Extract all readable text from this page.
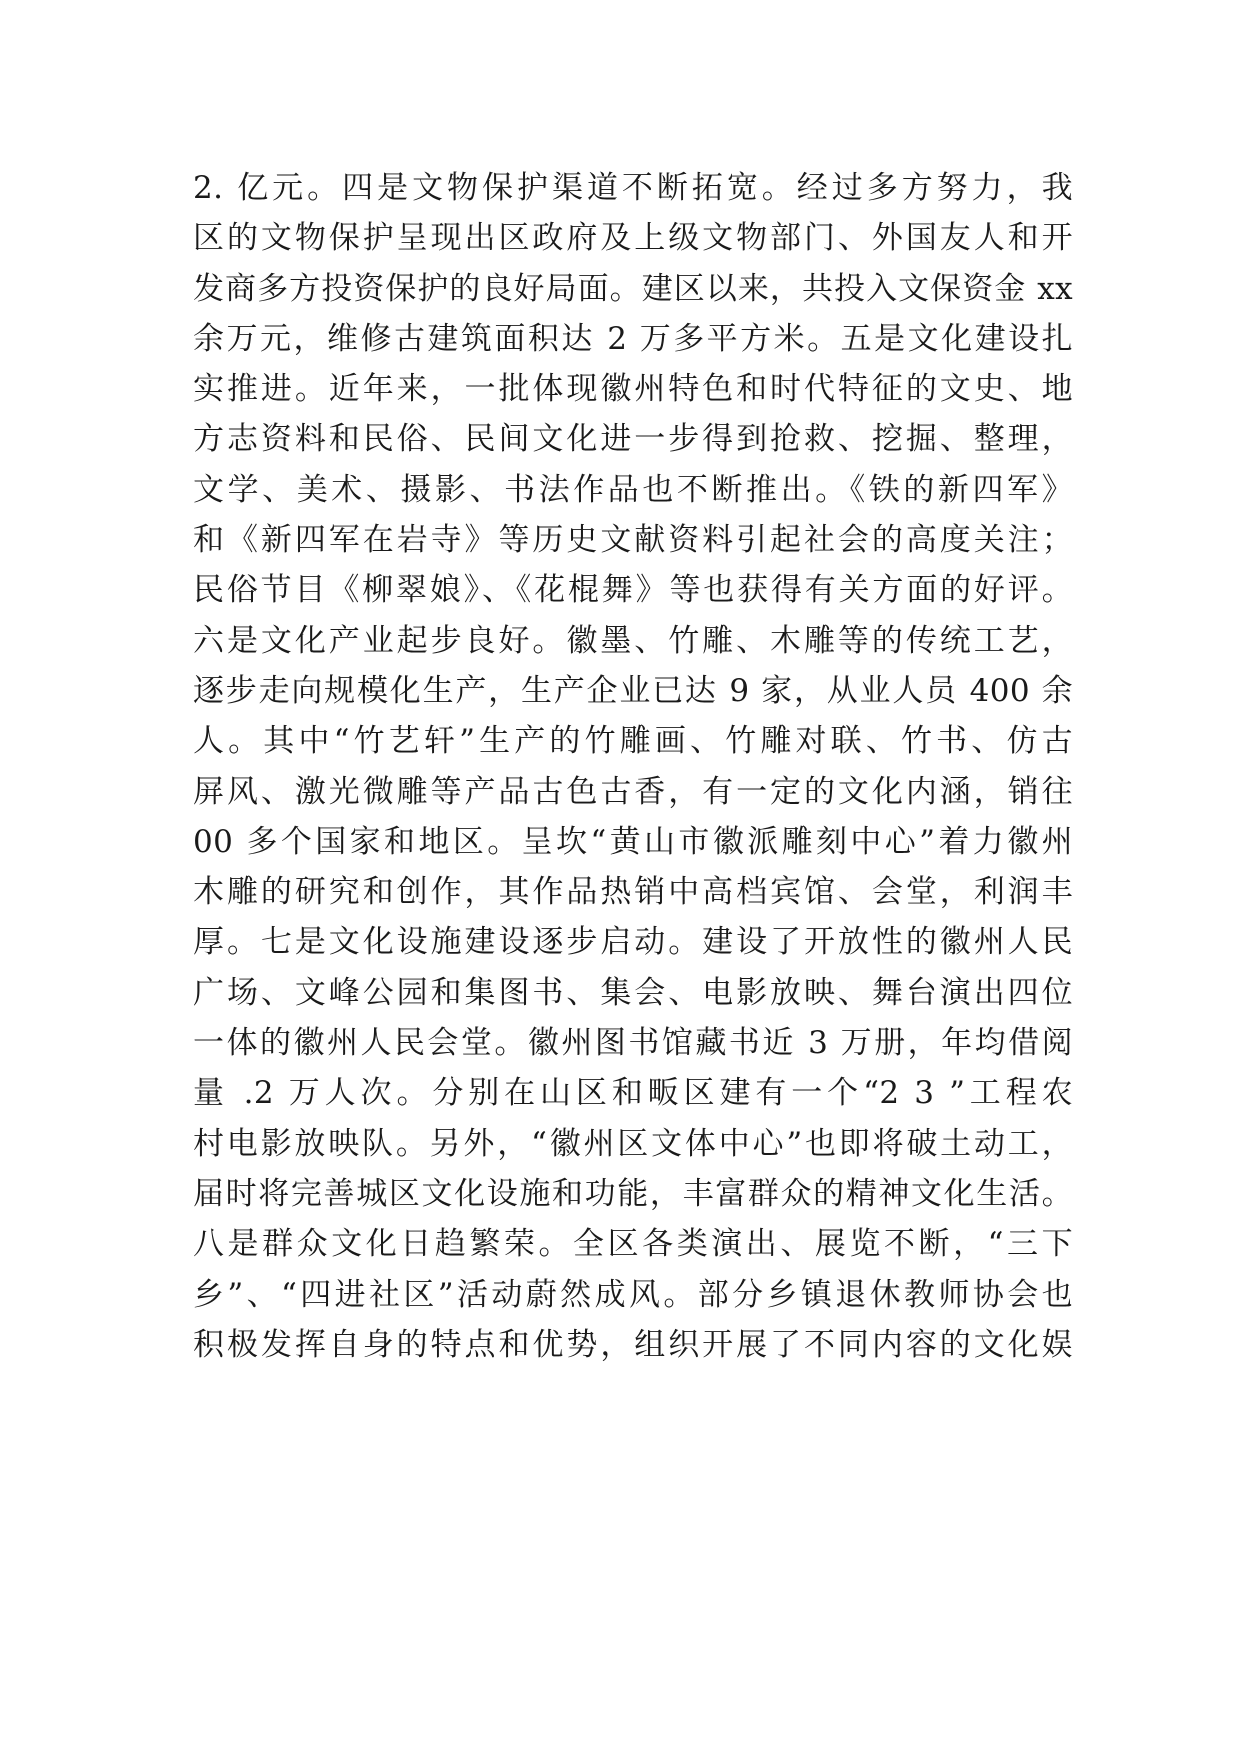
2. 亿元。四是文物保护渠道不断拓宽。经过多方努力，我
区的文物保护呈现出区政府及上级文物部门、外国友人和开
发商多方投资保护的良好局面。建区以来，共投入文保资金 xx
余万元，维修古建筑面积达 2 万多平方米。五是文化建设扎
实推进。近年来，一批体现徽州特色和时代特征的文史、地
方志资料和民俗、民间文化进一步得到抢救、挖掘、整理，
文学、美术、摄影、书法作品也不断推出。《铁的新四军》
和《新四军在岩寺》等历史文献资料引起社会的高度关注；
民俗节目《柳翠娘》、《花棍舞》等也获得有关方面的好评。
六是文化产业起步良好。徽墨、竹雕、木雕等的传统工艺，
逐步走向规模化生产，生产企业已达 9 家，从业人员 400 余
人。其中“竹艺轩”生产的竹雕画、竹雕对联、竹书、仿古
屏风、激光微雕等产品古色古香，有一定的文化内涵，销往
00 多个国家和地区。呈坎“黄山市徽派雕刻中心”着力徽州
木雕的研究和创作，其作品热销中高档宾馆、会堂，利润丰
厚。七是文化设施建设逐步启动。建设了开放性的徽州人民
广场、文峰公园和集图书、集会、电影放映、舞台演出四位
一体的徽州人民会堂。徽州图书馆藏书近 3 万册，年均借阅
量 .2 万人次。分别在山区和畈区建有一个“2 3 ”工程农
村电影放映队。另外，“徽州区文体中心”也即将破土动工，
届时将完善城区文化设施和功能，丰富群众的精神文化生活。
八是群众文化日趋繁荣。全区各类演出、展览不断，“三下
乡”、“四进社区”活动蔚然成风。部分乡镇退休教师协会也
积极发挥自身的特点和优势，组织开展了不同内容的文化娱
